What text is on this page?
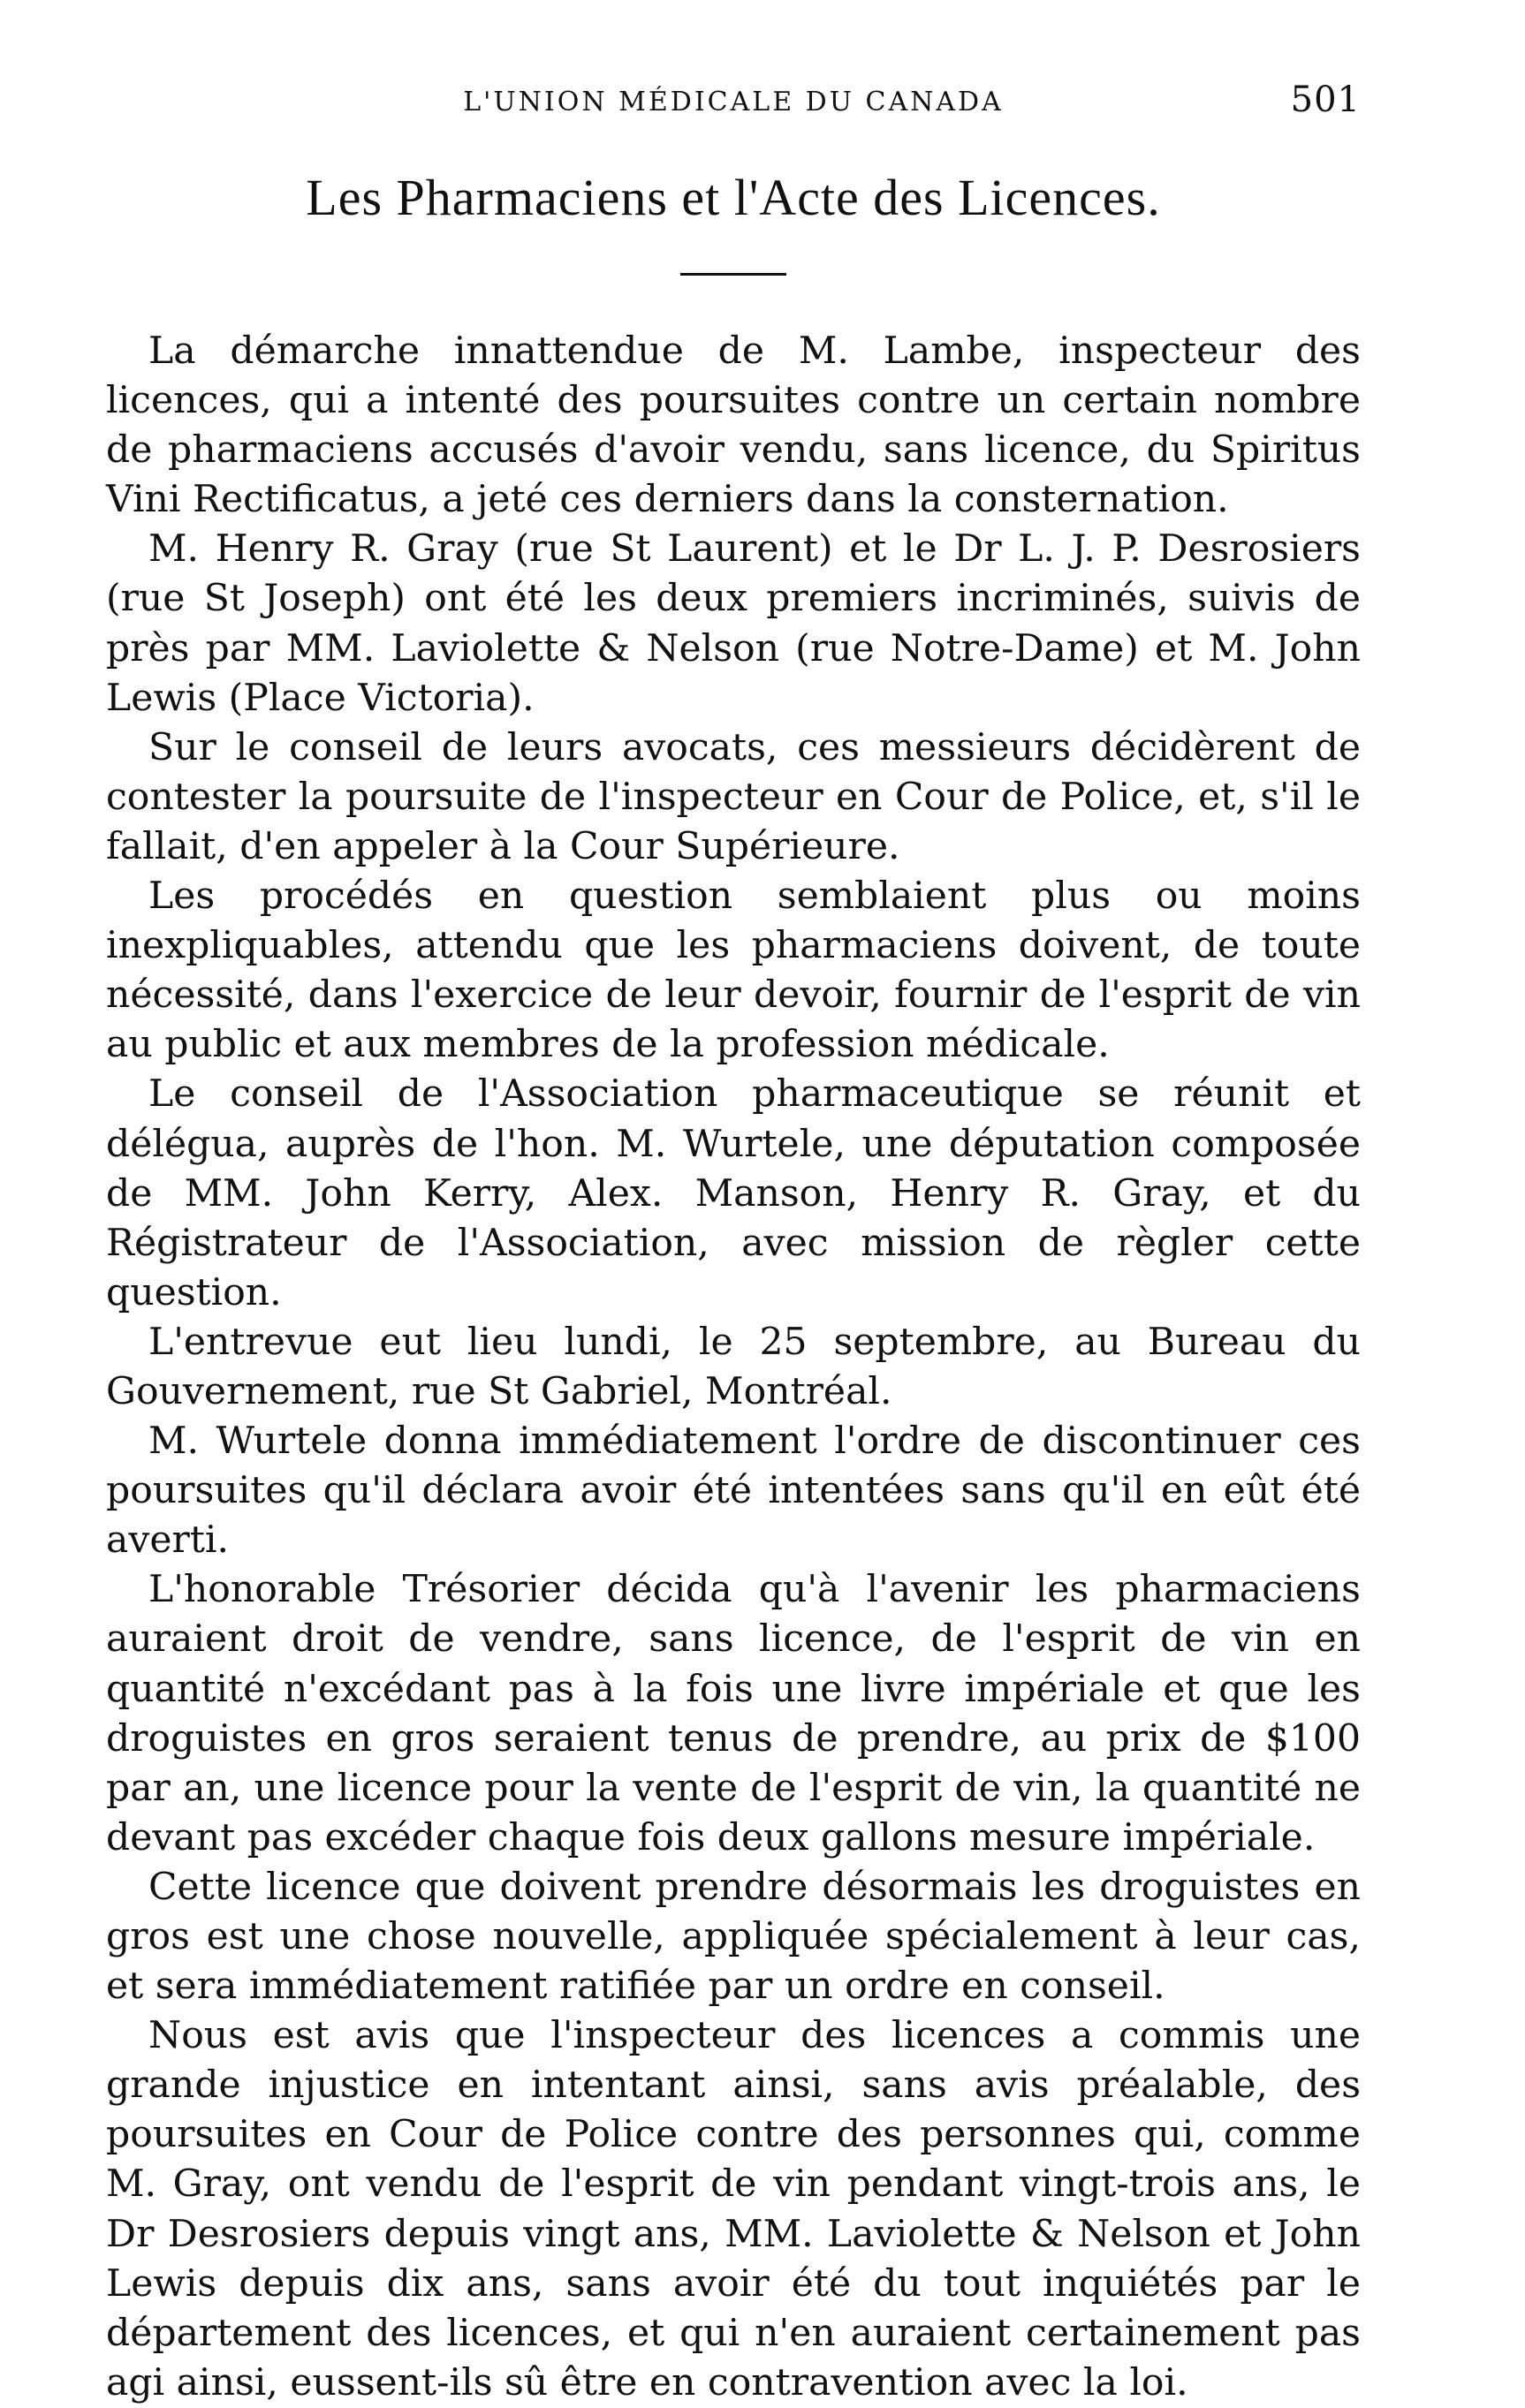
L'UNION MÉDICALE DU CANADA	501
Les Pharmaciens et l'Acte des Licences.

La démarche innattendue de M. Lambe, inspecteur des licences, qui a intenté des poursuites contre un certain nombre de pharmaciens accusés d'avoir vendu, sans licence, du Spiritus Vini Rectificatus, a jeté ces derniers dans la consternation.

M. Henry R. Gray (rue St Laurent) et le Dr L. J. P. Desrosiers (rue St Joseph) ont été les deux premiers incriminés, suivis de près par MM. Laviolette & Nelson (rue Notre-Dame) et M. John Lewis (Place Victoria).

Sur le conseil de leurs avocats, ces messieurs décidèrent de contester la poursuite de l'inspecteur en Cour de Police, et, s'il le fallait, d'en appeler à la Cour Supérieure.

Les procédés en question semblaient plus ou moins inexpliquables, attendu que les pharmaciens doivent, de toute nécessité, dans l'exercice de leur devoir, fournir de l'esprit de vin au public et aux membres de la profession médicale.

Le conseil de l'Association pharmaceutique se réunit et délégua, auprès de l'hon. M. Wurtele, une députation composée de MM. John Kerry, Alex. Manson, Henry R. Gray, et du Régistrateur de l'Association, avec mission de règler cette question.

L'entrevue eut lieu lundi, le 25 septembre, au Bureau du Gouvernement, rue St Gabriel, Montréal.

M. Wurtele donna immédiatement l'ordre de discontinuer ces poursuites qu'il déclara avoir été intentées sans qu'il en eût été averti.

L'honorable Trésorier décida qu'à l'avenir les pharmaciens auraient droit de vendre, sans licence, de l'esprit de vin en quantité n'excédant pas à la fois une livre impériale et que les droguistes en gros seraient tenus de prendre, au prix de $100 par an, une licence pour la vente de l'esprit de vin, la quantité ne devant pas excéder chaque fois deux gallons mesure impériale.

Cette licence que doivent prendre désormais les droguistes en gros est une chose nouvelle, appliquée spécialement à leur cas, et sera immédiatement ratifiée par un ordre en conseil.

Nous est avis que l'inspecteur des licences a commis une grande injustice en intentant ainsi, sans avis préalable, des poursuites en Cour de Police contre des personnes qui, comme M. Gray, ont vendu de l'esprit de vin pendant vingt-trois ans, le Dr Desrosiers depuis vingt ans, MM. Laviolette & Nelson et John Lewis depuis dix ans, sans avoir été du tout inquiétés par le département des licences, et qui n'en auraient certainement pas agi ainsi, eussent-ils sû être en contravention avec la loi.
